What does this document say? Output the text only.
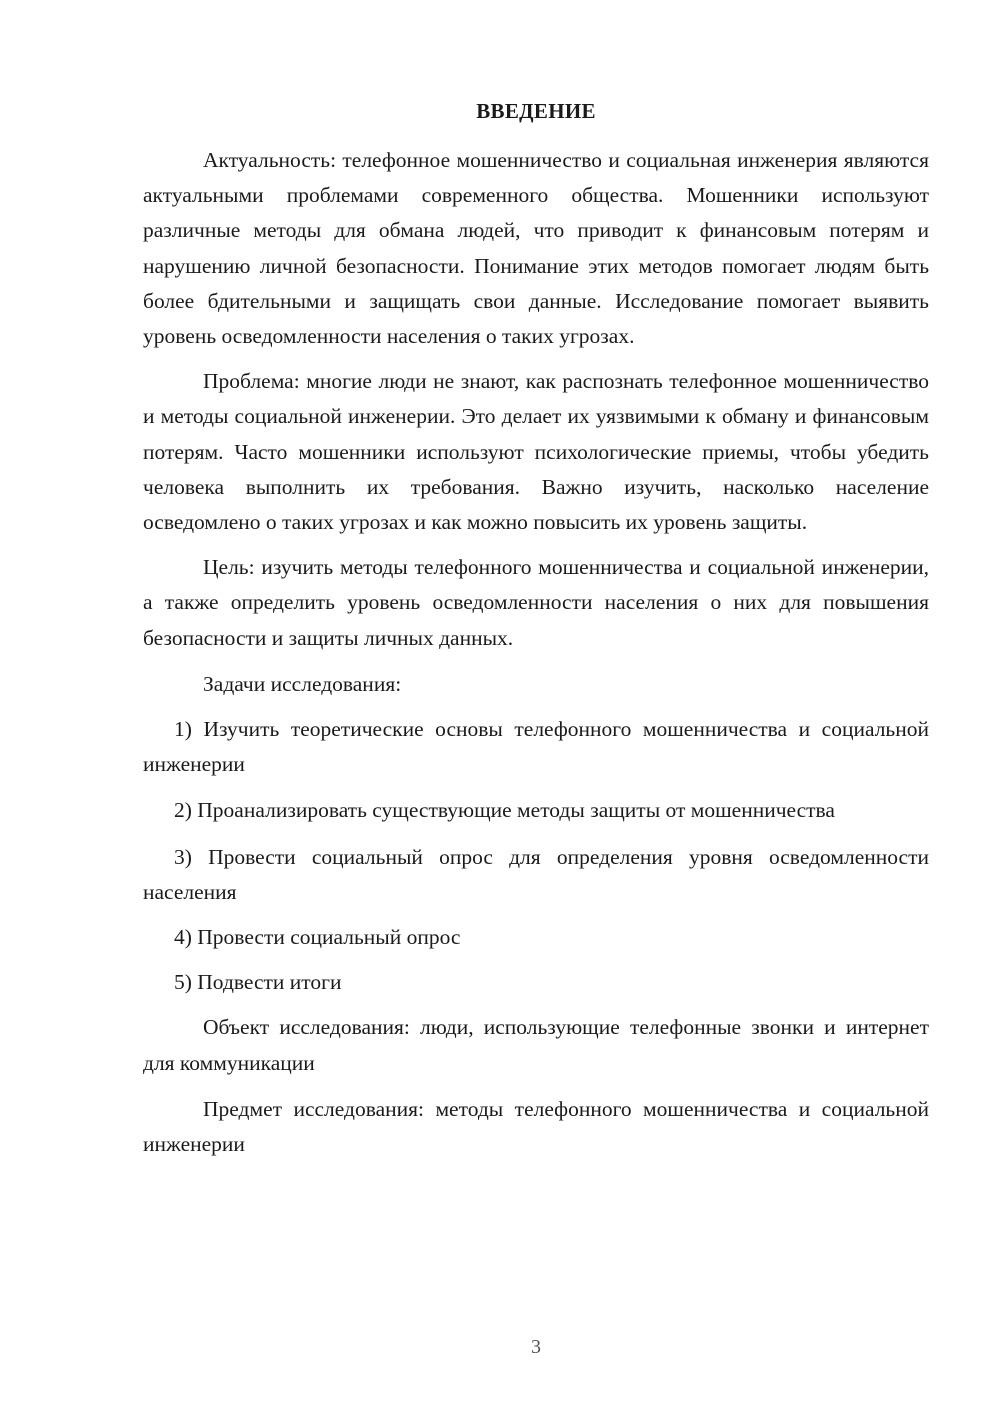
ВВЕДЕНИЕ

Актуальность: телефонное мошенничество и социальная инженерия являются актуальными проблемами современного общества. Мошенники используют различные методы для обмана людей, что приводит к финансовым потерям и нарушению личной безопасности. Понимание этих методов помогает людям быть более бдительными и защищать свои данные. Исследование помогает выявить уровень осведомленности населения о таких угрозах.

Проблема: многие люди не знают, как распознать телефонное мошенничество и методы социальной инженерии. Это делает их уязвимыми к обману и финансовым потерям. Часто мошенники используют психологические приемы, чтобы убедить человека выполнить их требования. Важно изучить, насколько население осведомлено о таких угрозах и как можно повысить их уровень защиты.

Цель: изучить методы телефонного мошенничества и социальной инженерии, а также определить уровень осведомленности населения о них для повышения безопасности и защиты личных данных.

Задачи исследования:

1) Изучить теоретические основы телефонного мошенничества и социальной инженерии

2) Проанализировать существующие методы защиты от мошенничества

3) Провести социальный опрос для определения уровня осведомленности населения

4) Провести социальный опрос

5) Подвести итоги

Объект исследования: люди, использующие телефонные звонки и интернет для коммуникации

Предмет исследования: методы телефонного мошенничества и социальной инженерии

3
